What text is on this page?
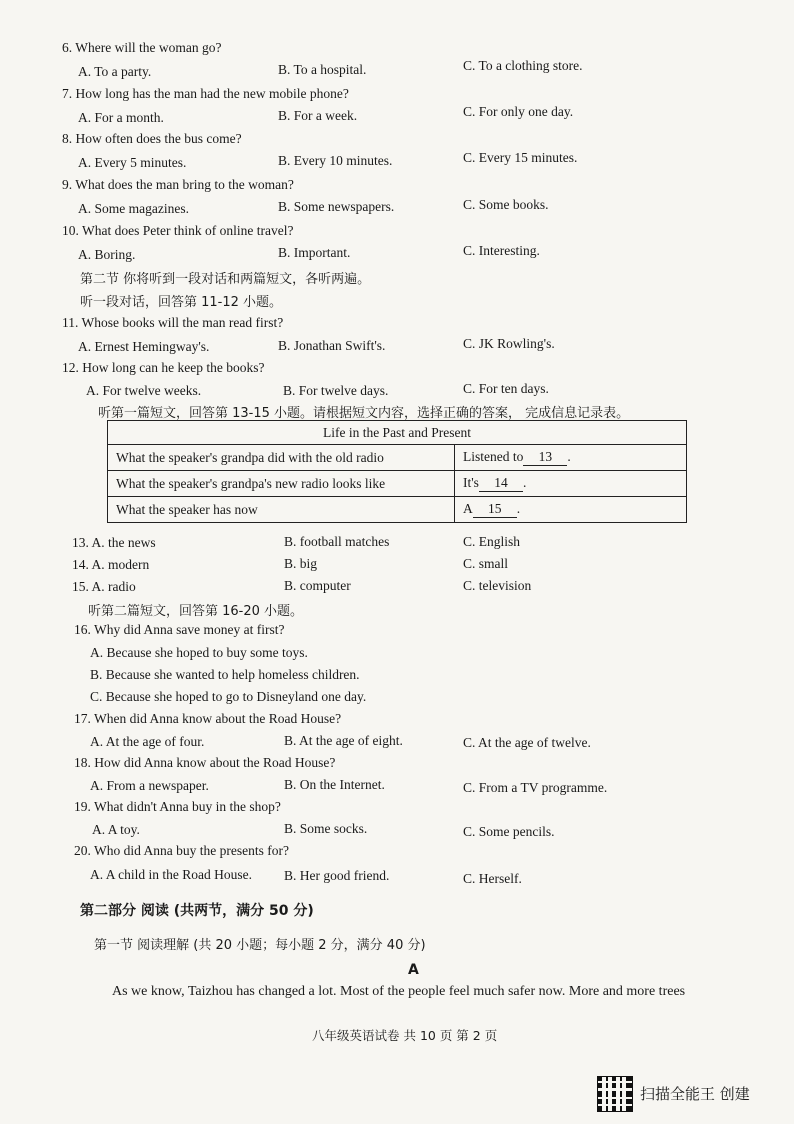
6. Where will the woman go?
A. To a party.	B. To a hospital.	C. To a clothing store.
7. How long has the man had the new mobile phone?
A. For a month.	B. For a week.	C. For only one day.
8. How often does the bus come?
A. Every 5 minutes.	B. Every 10 minutes.	C. Every 15 minutes.
9. What does the man bring to the woman?
A. Some magazines.	B. Some newspapers.	C. Some books.
10. What does Peter think of online travel?
A. Boring.	B. Important.	C. Interesting.
第二节 你将听到一段对话和两篇短文，各听两遍。
听一段对话，回答第 11-12 小题。
11. Whose books will the man read first?
A. Ernest Hemingway's.	B. Jonathan Swift's.	C. JK Rowling's.
12. How long can he keep the books?
A. For twelve weeks.	B. For twelve days.	C. For ten days.
听第一篇短文，回答第 13-15 小题。请根据短文内容，选择正确的答案， 完成信息记录表。
Life in the Past and Present	
What the speaker's grandpa did with the old radio	Listened to 13 .
What the speaker's grandpa's new radio looks like	It's 14 .
What the speaker has now	A 15 .
13. A. the news	B. football matches	C. English
14. A. modern	B. big	C. small
15. A. radio	B. computer	C. television
听第二篇短文，回答第 16-20 小题。
16. Why did Anna save money at first?
A. Because she hoped to buy some toys.
B. Because she wanted to help homeless children.
C. Because she hoped to go to Disneyland one day.
17. When did Anna know about the Road House?
A. At the age of four.	B. At the age of eight.	C. At the age of twelve.
18. How did Anna know about the Road House?
A. From a newspaper.	B. On the Internet.	C. From a TV programme.
19. What didn't Anna buy in the shop?
A. A toy.	B. Some socks.	C. Some pencils.
20. Who did Anna buy the presents for?
A. A child in the Road House. B. Her good friend.	C. Herself.
第二部分 阅读 (共两节，满分 50 分)
第一节 阅读理解 (共 20 小题；每小题 2 分，满分 40 分)
A
As we know, Taizhou has changed a lot. Most of the people feel much safer now. More and more trees
八年级英语试卷 共 10 页 第 2 页
扫描全能王 创建
